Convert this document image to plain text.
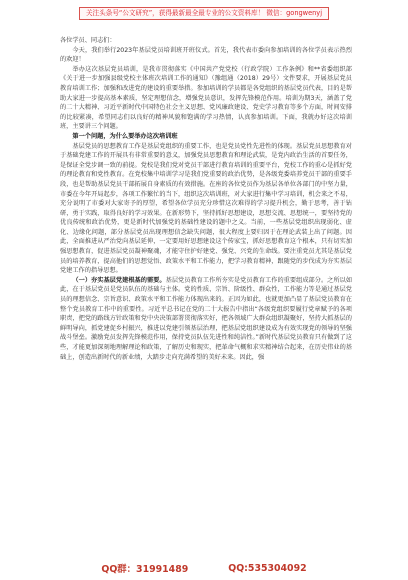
关注头条号“公文研究”，获得最新最全最专业的公文资料库！ 微信：gongwenyj

各位学员、同志们：

今天，我们举行2023年基层党员培训班开班仪式。首先，我代表市委向参加培训的各位学员表示热烈的欢迎！

举办这次基层党员培训，是我市贯彻落实《中国共产党党校（行政学院）工作条例》和**省委组织部《关于进一步加强县级党校主体班次培训工作的通知》（豫组通（2018）29号）文件要求，开展基层党员教育培训工作；加强和改进党的建设的重要举措。参加培训的学员都是各党组织的基层党员代表，目的是帮助大家进一步提高基本素质，坚定理想信念，增强党员意识，发挥先锋模范作用。培训为期3天，涵盖了党的二十大精神、习近平新时代中国特色社会主义思想、党风廉政建设、党史学习教育等多个方面，时间安排的比较紧凑，希望同志们以良好的精神风貌和饱满的学习热情，认真参加培训。下面，我就办好这次培训班，主要讲三个问题。

第一个问题，为什么要举办这次培训班

基层党员的思想教育工作是基层党组织的重要工作，也是党员党性先进性的体现。基层党员思想教育对于基础党建工作的开展具有非常重要的意义，加强党员思想教育和理论武装，是党内政治生活的首要任务，是保证全党步调一致的前提。党校是我们党对党员干部进行教育培训的重要平台，党校工作的重心是抓好党的理论教育和党性教育。在党校集中培训学习是我们党重要的政治优势，是各级党委培养党员干部的重要手段，也是帮助基层党员干部拓展自身素质的有效措施。在座的各位党员作为基层各单位各部门的中坚力量，市委在今年开局起步，各项工作繁忙的当下，组织这次培训班，对大家进行集中学习培训，机会来之不易，充分说明了市委对大家寄予的厚望，希望各位学员充分珍惜这次难得的学习提升机会，勤于思考，善于钻研，勇于实践，取得良好的学习效果。在新形势下，坚持抓好思想建设，思想交流、思想统一，要坚持党的优良传统和政治优势，更是新时代加强党的基础性建设的题中之义。当前，一些基层党组织出现弱化、虚化、边缘化问题，部分基层党员出现理想信念缺失问题，很大程度上要归因于在理论武装上出了问题。因此，全面推进从严治党向基层延伸，一定要用好思想建设这个传家宝，抓好思想教育这个根本，只有切实加强思想教育，促进基层党员凝神聚魂，才能守住护好建党、强党、兴党的生命线。要注重党员尤其是基层党员的培养教育，提高他们的思想觉悟、政策水平和工作能力，把学习教育精神，跟随党的步伐成为夯实基层党建工作的指导思想。

（一）夯实基层党建根基的需要。基层党员教育工作所夯实是党员教育工作的重要组成部分。之所以如此，在于基层党员是党员队伍的基础与主体。党的性质、宗旨、阶级性、群众性，工作能力等是通过基层党员的理想信念、宗旨意识、政策水平和工作能力体现出来的。正因为如此，也就更加凸显了基层党员教育在整个党员教育工作中的重要性。习近平总书记在党的二十大报告中指出“各级党组织要履行党章赋予的各项职责，把党的路线方针政策和党中央决策部署贯彻落实好，把各领域广大群众组织凝聚好，坚持大抓基层的鲜明导向，抓党建促乡村振兴，推进以党建引领基层治理，把基层党组织建设成为有效实现党的领导的坚强战斗堡垒。激励党员发挥先锋模范作用，保持党员队伍先进性和纯洁性。”新时代基层党员教育只有做到了这些，才能更加深刻地理解理论和政策，了解历史和现实，把革命气概和求实精神结合起来，在历史伟业的基础上，创造出新时代的新业绩，大踏步走向充满希望的美好未来。因此，强

QQ群：31991489	QQ:535304092
